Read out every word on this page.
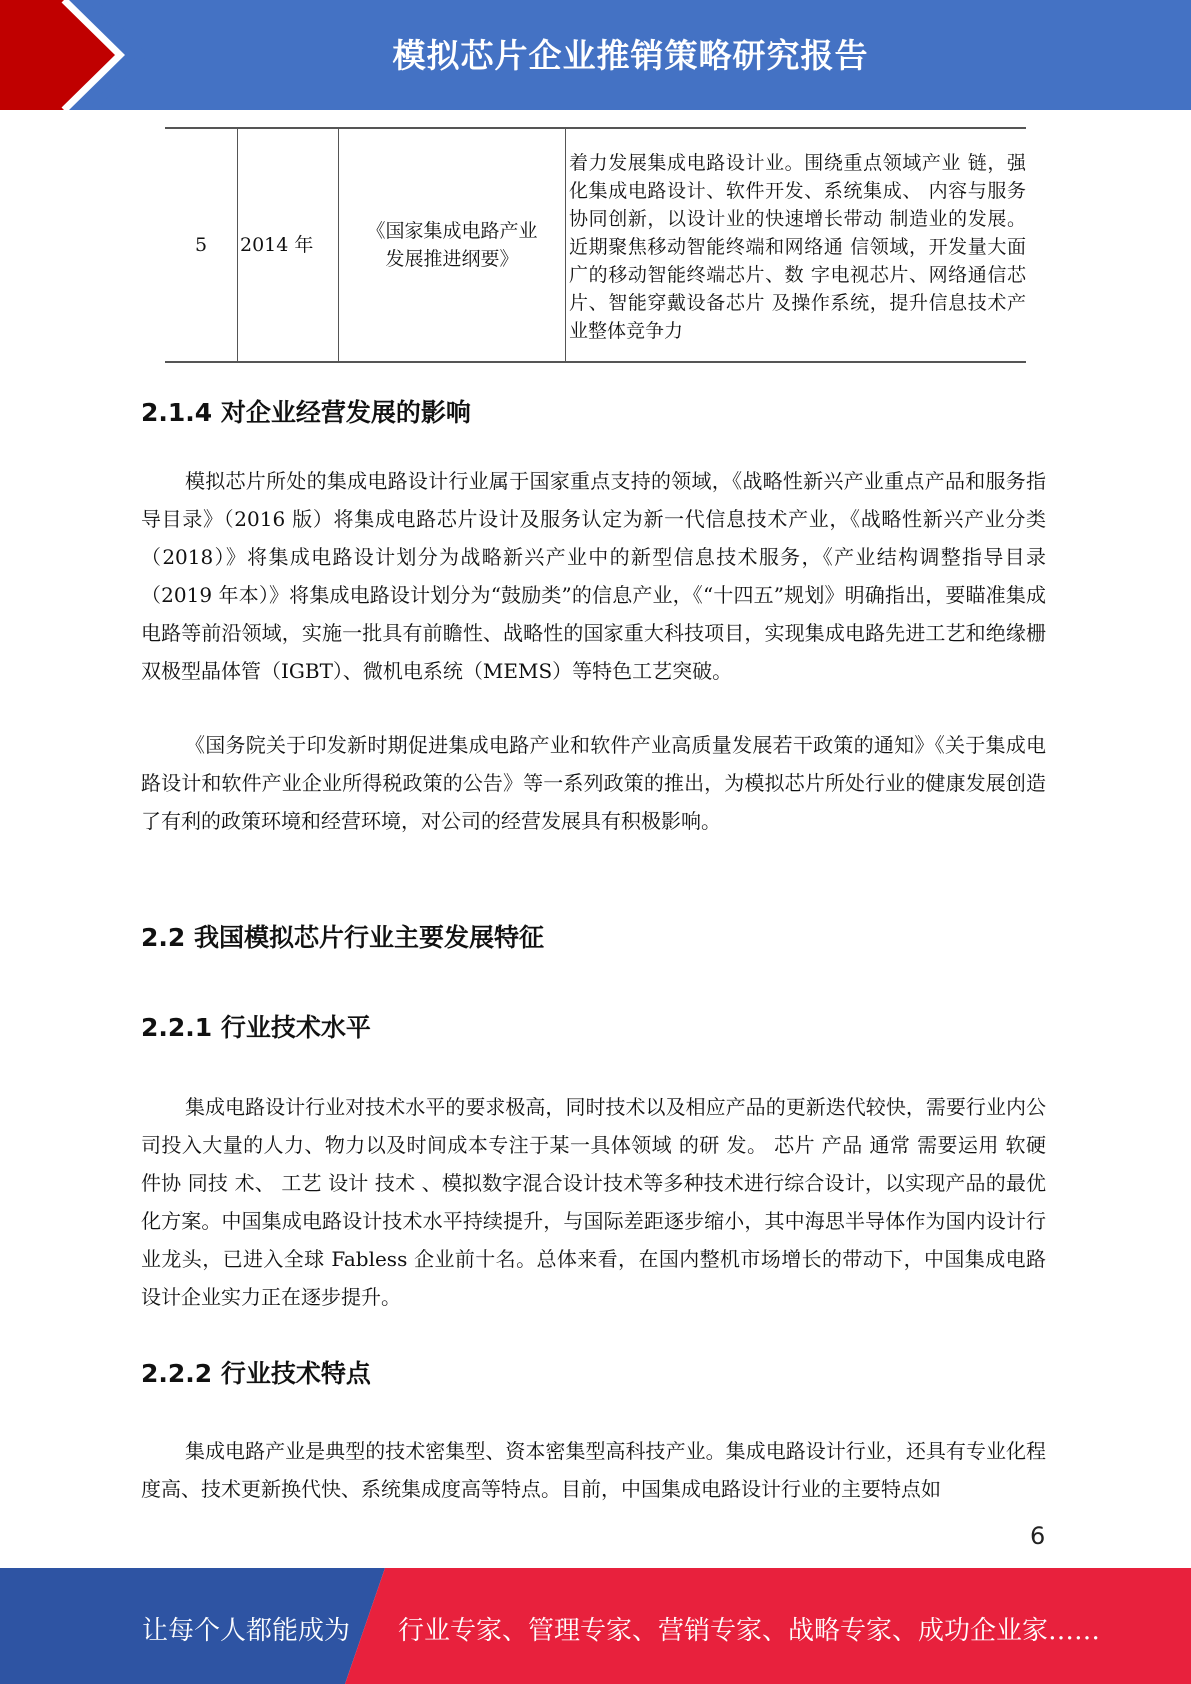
模拟芯片企业推销策略研究报告
5	2014 年	《国家集成电路产业 发展推进纲要》	着力发展集成电路设计业。围绕重点领域产业 链，强化集成电路设计、软件开发、系统集成、 内容与服务协同创新，以设计业的快速增长带动 制造业的发展。近期聚焦移动智能终端和网络通 信领域，开发量大面广的移动智能终端芯片、数 字电视芯片、网络通信芯片、智能穿戴设备芯片 及操作系统，提升信息技术产业整体竞争力
2.1.4 对企业经营发展的影响

模拟芯片所处的集成电路设计行业属于国家重点支持的领域，《战略性新兴产业重点产品和服务指导目录》（2016 版）将集成电路芯片设计及服务认定为新一代信息技术产业，《战略性新兴产业分类（2018）》将集成电路设计划分为战略新兴产业中的新型信息技术服务，《产业结构调整指导目录（2019 年本）》将集成电路设计划分为“鼓励类”的信息产业，《“十四五”规划》明确指出，要瞄准集成电路等前沿领域，实施一批具有前瞻性、战略性的国家重大科技项目，实现集成电路先进工艺和绝缘栅双极型晶体管（IGBT）、微机电系统（MEMS）等特色工艺突破。

《国务院关于印发新时期促进集成电路产业和软件产业高质量发展若干政策的通知》《关于集成电路设计和软件产业企业所得税政策的公告》等一系列政策的推出，为模拟芯片所处行业的健康发展创造了有利的政策环境和经营环境，对公司的经营发展具有积极影响。

2.2 我国模拟芯片行业主要发展特征
2.2.1 行业技术水平

集成电路设计行业对技术水平的要求极高，同时技术以及相应产品的更新迭代较快，需要行业内公司投入大量的人力、物力以及时间成本专注于某一具体领域 的研 发。 芯片 产品 通常 需要运用 软硬 件协 同技 术、 工艺 设计 技术 、模拟数字混合设计技术等多种技术进行综合设计，以实现产品的最优化方案。中国集成电路设计技术水平持续提升，与国际差距逐步缩小，其中海思半导体作为国内设计行业龙头，已进入全球 Fabless 企业前十名。总体来看，在国内整机市场增长的带动下，中国集成电路设计企业实力正在逐步提升。

2.2.2 行业技术特点

集成电路产业是典型的技术密集型、资本密集型高科技产业。集成电路设计行业，还具有专业化程度高、技术更新换代快、系统集成度高等特点。目前，中国集成电路设计行业的主要特点如

6
让每个人都能成为 行业专家、管理专家、营销专家、战略专家、成功企业家……
